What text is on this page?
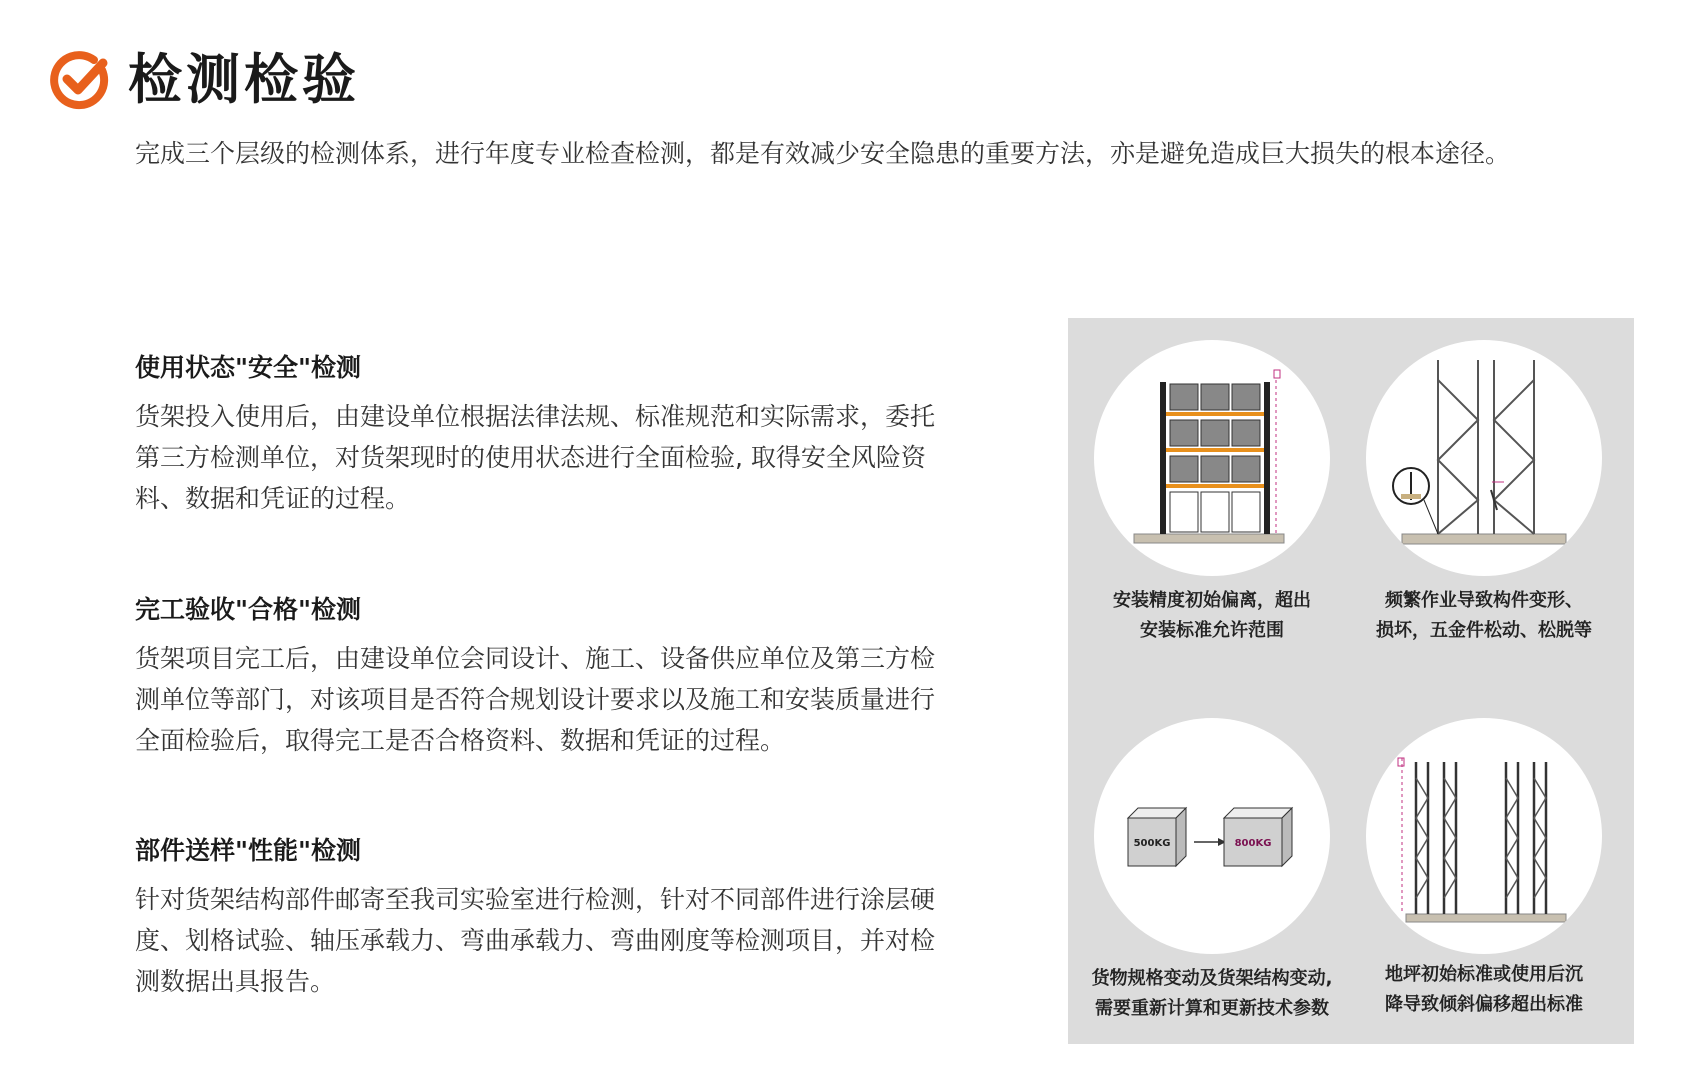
检测检验
完成三个层级的检测体系，进行年度专业检查检测，都是有效减少安全隐患的重要方法，亦是避免造成巨大损失的根本途径。
使用状态"安全"检测

货架投入使用后，由建设单位根据法律法规、标准规范和实际需求，委托
第三方检测单位，对货架现时的使用状态进行全面检验, 取得安全风险资
料、数据和凭证的过程。

完工验收"合格"检测

货架项目完工后，由建设单位会同设计、施工、设备供应单位及第三方检
测单位等部门，对该项目是否符合规划设计要求以及施工和安装质量进行
全面检验后，取得完工是否合格资料、数据和凭证的过程。

部件送样"性能"检测

针对货架结构部件邮寄至我司实验室进行检测，针对不同部件进行涂层硬
度、划格试验、轴压承载力、弯曲承载力、弯曲刚度等检测项目，并对检
测数据出具报告。

安装精度初始偏离，超出
安装标准允许范围
频繁作业导致构件变形、
损坏，五金件松动、松脱等
500KG	800KG
货物规格变动及货架结构变动,
需要重新计算和更新技术参数
地坪初始标准或使用后沉
降导致倾斜偏移超出标准
